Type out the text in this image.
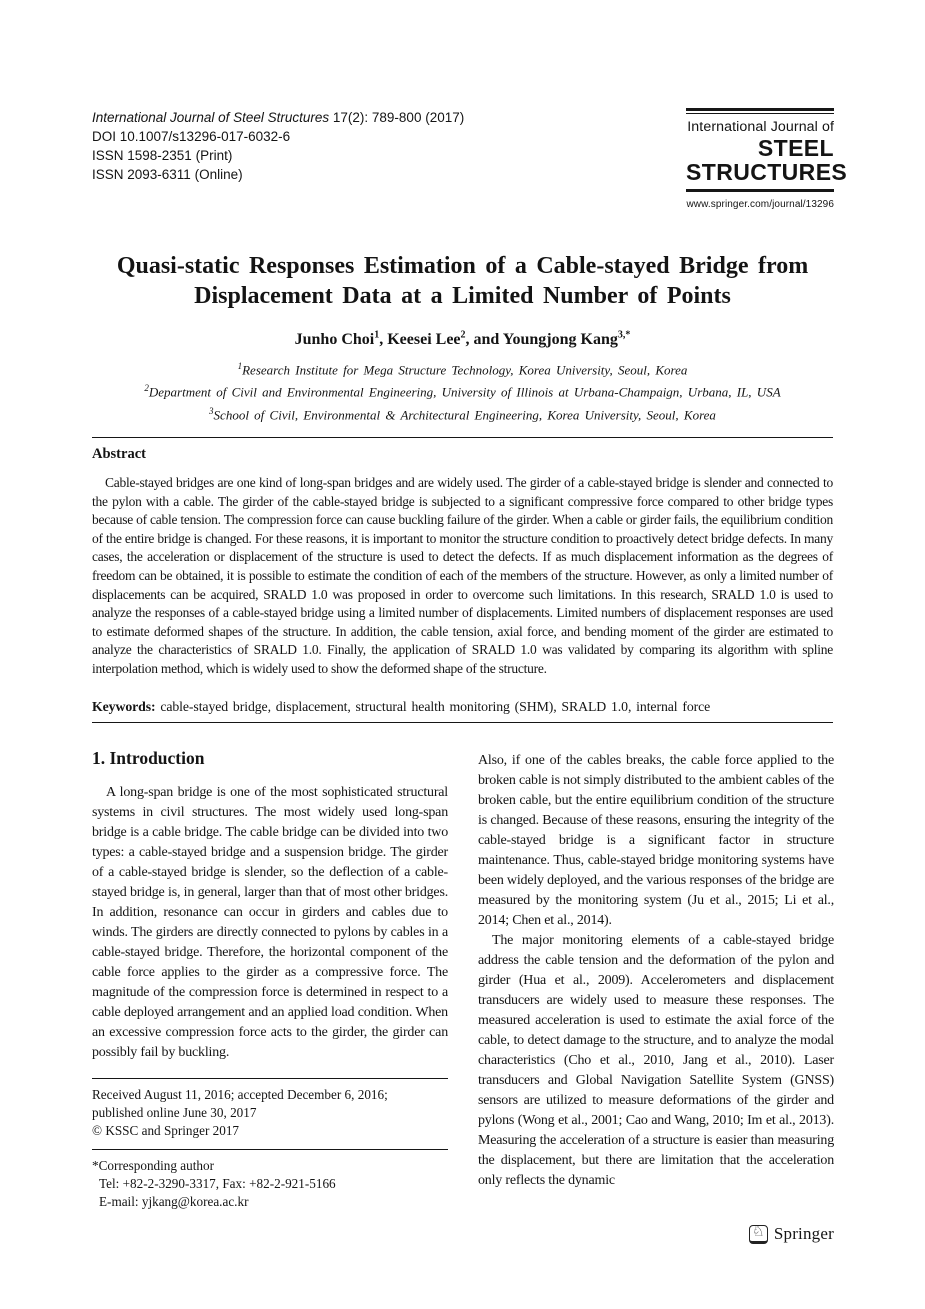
International Journal of Steel Structures 17(2): 789-800 (2017)
DOI 10.1007/s13296-017-6032-6
ISSN 1598-2351 (Print)
ISSN 2093-6311 (Online)
International Journal of
STEEL
STRUCTURES
www.springer.com/journal/13296
Quasi-static Responses Estimation of a Cable-stayed Bridge from
Displacement Data at a Limited Number of Points
Junho Choi$^1$, Keesei Lee$^2$, and Youngjong Kang$^{3,*}$
$^1$Research Institute for Mega Structure Technology, Korea University, Seoul, Korea
$^2$Department of Civil and Environmental Engineering, University of Illinois at Urbana-Champaign, Urbana, IL, USA
$^3$School of Civil, Environmental & Architectural Engineering, Korea University, Seoul, Korea
Abstract

Cable-stayed bridges are one kind of long-span bridges and are widely used. The girder of a cable-stayed bridge is slender and connected to the pylon with a cable. The girder of the cable-stayed bridge is subjected to a significant compressive force compared to other bridge types because of cable tension. The compression force can cause buckling failure of the girder. When a cable or girder fails, the equilibrium condition of the entire bridge is changed. For these reasons, it is important to monitor the structure condition to proactively detect bridge defects. In many cases, the acceleration or displacement of the structure is used to detect the defects. If as much displacement information as the degrees of freedom can be obtained, it is possible to estimate the condition of each of the members of the structure. However, as only a limited number of displacements can be acquired, SRALD 1.0 was proposed in order to overcome such limitations. In this research, SRALD 1.0 is used to analyze the responses of a cable-stayed bridge using a limited number of displacements. Limited numbers of displacement responses are used to estimate deformed shapes of the structure. In addition, the cable tension, axial force, and bending moment of the girder are estimated to analyze the characteristics of SRALD 1.0. Finally, the application of SRALD 1.0 was validated by comparing its algorithm with spline interpolation method, which is widely used to show the deformed shape of the structure.

Keywords: cable-stayed bridge, displacement, structural health monitoring (SHM), SRALD 1.0, internal force
1. Introduction

A long-span bridge is one of the most sophisticated structural systems in civil structures. The most widely used long-span bridge is a cable bridge. The cable bridge can be divided into two types: a cable-stayed bridge and a suspension bridge. The girder of a cable-stayed bridge is slender, so the deflection of a cable-stayed bridge is, in general, larger than that of most other bridges. In addition, resonance can occur in girders and cables due to winds. The girders are directly connected to pylons by cables in a cable-stayed bridge. Therefore, the horizontal component of the cable force applies to the girder as a compressive force. The magnitude of the compression force is determined in respect to a cable deployed arrangement and an applied load condition. When an excessive compression force acts to the girder, the girder can possibly fail by buckling.

Also, if one of the cables breaks, the cable force applied to the broken cable is not simply distributed to the ambient cables of the broken cable, but the entire equilibrium condition of the structure is changed. Because of these reasons, ensuring the integrity of the cable-stayed bridge is a significant factor in structure maintenance. Thus, cable-stayed bridge monitoring systems have been widely deployed, and the various responses of the bridge are measured by the monitoring system (Ju et al., 2015; Li et al., 2014; Chen et al., 2014).

The major monitoring elements of a cable-stayed bridge address the cable tension and the deformation of the pylon and girder (Hua et al., 2009). Accelerometers and displacement transducers are widely used to measure these responses. The measured acceleration is used to estimate the axial force of the cable, to detect damage to the structure, and to analyze the modal characteristics (Cho et al., 2010, Jang et al., 2010). Laser transducers and Global Navigation Satellite System (GNSS) sensors are utilized to measure deformations of the girder and pylons (Wong et al., 2001; Cao and Wang, 2010; Im et al., 2013). Measuring the acceleration of a structure is easier than measuring the displacement, but there are limitation that the acceleration only reflects the dynamic

Received August 11, 2016; accepted December 6, 2016;
published online June 30, 2017
© KSSC and Springer 2017
*Corresponding author
Tel: +82-2-3290-3317, Fax: +82-2-921-5166
E-mail: yjkang@korea.ac.kr
♘ Springer
